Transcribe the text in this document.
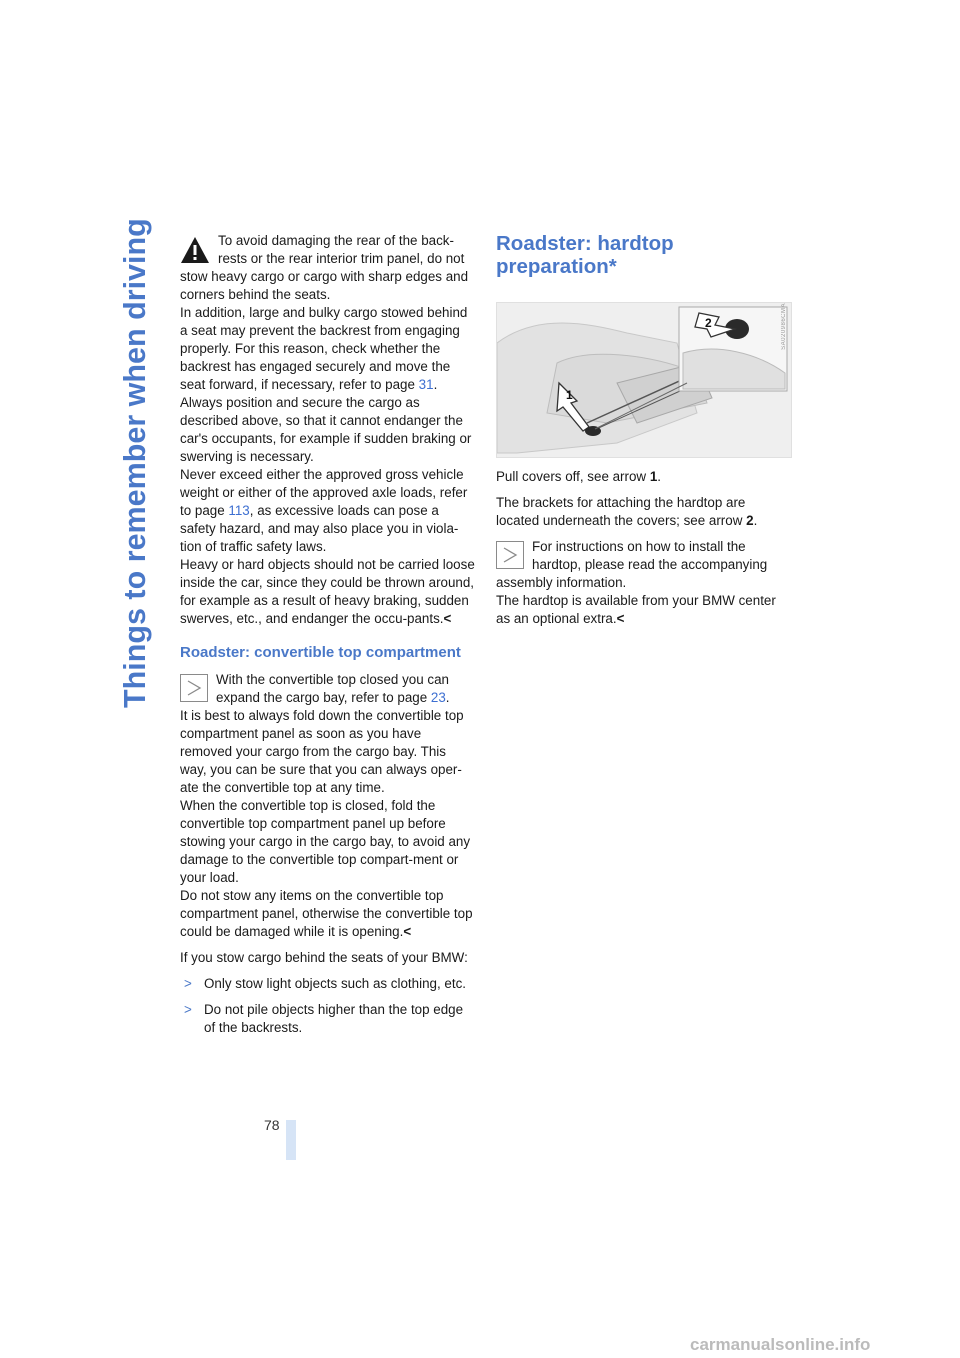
Things to remember when driving	To avoid damaging the rear of the back- rests or the rear interior trim panel, do not stow heavy cargo or cargo with sharp edges and corners behind the seats.
In addition, large and bulky cargo stowed behind a seat may prevent the backrest from engaging properly. For this reason, check whether the backrest has engaged securely and move the seat forward, if necessary, refer to page 31.
Always position and secure the cargo as described above, so that it cannot endanger the car's occupants, for example if sudden braking or swerving is necessary.
Never exceed either the approved gross vehicle weight or either of the approved axle loads, refer to page 113, as excessive loads can pose a safety hazard, and may also place you in viola-tion of traffic safety laws.
Heavy or hard objects should not be carried loose inside the car, since they could be thrown around, for example as a result of heavy braking, sudden swerves, etc., and endanger the occu-pants.<
Roadster: convertible top compartment
With the convertible top closed you can expand the cargo bay, refer to page 23.
It is best to always fold down the convertible top compartment panel as soon as you have removed your cargo from the cargo bay. This way, you can be sure that you can always oper-ate the convertible top at any time.
When the convertible top is closed, fold the convertible top compartment panel up before stowing your cargo in the cargo bay, to avoid any damage to the convertible top compart-ment or your load.
Do not stow any items on the convertible top compartment panel, otherwise the convertible top could be damaged while it is opening.<

If you stow cargo behind the seats of your BMW:

> Only stow light objects such as clothing, etc.
> Do not pile objects higher than the top edge of the backrests.
Roadster: hardtop preparation*
1
2	SA020986CMA

Pull covers off, see arrow 1.

The brackets for attaching the hardtop are located underneath the covers; see arrow 2.

For instructions on how to install the hardtop, please read the accompanying assembly information.
The hardtop is available from your BMW center as an optional extra.<
78
carmanualsonline.info
